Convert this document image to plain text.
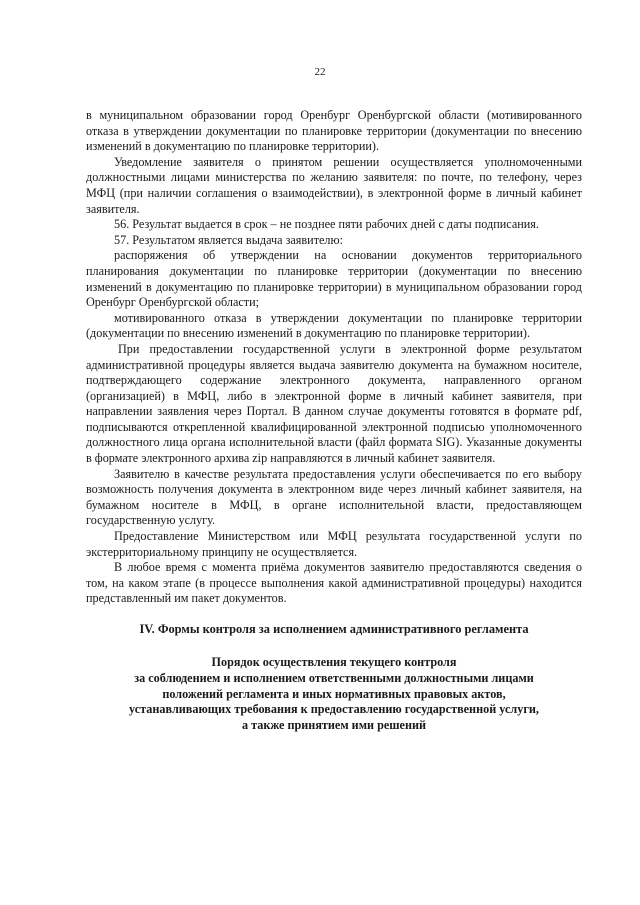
22

в муниципальном образовании город Оренбург Оренбургской области (мотивированного отказа в утверждении документации по планировке территории (документации по внесению изменений в документацию по планировке территории).

Уведомление заявителя о принятом решении осуществляется уполномоченными должностными лицами министерства по желанию заявителя: по почте, по телефону, через МФЦ (при наличии соглашения о взаимодействии), в электронной форме в личный кабинет заявителя.

56. Результат выдается в срок – не позднее пяти рабочих дней с даты подписания.

57. Результатом является выдача заявителю:

распоряжения об утверждении на основании документов территориального планирования документации по планировке территории (документации по внесению изменений в документацию по планировке территории) в муниципальном образовании город Оренбург Оренбургской области;

мотивированного отказа в утверждении документации по планировке территории (документации по внесению изменений в документацию по планировке территории).

При предоставлении государственной услуги в электронной форме результатом административной процедуры является выдача заявителю документа на бумажном носителе, подтверждающего содержание электронного документа, направленного органом (организацией) в МФЦ, либо в электронной форме в личный кабинет заявителя, при направлении заявления через Портал. В данном случае документы готовятся в формате pdf, подписываются открепленной квалифицированной электронной подписью уполномоченного должностного лица органа исполнительной власти (файл формата SIG). Указанные документы в формате электронного архива zip направляются в личный кабинет заявителя.

Заявителю в качестве результата предоставления услуги обеспечивается по его выбору возможность получения документа в электронном виде через личный кабинет заявителя, на бумажном носителе в МФЦ, в органе исполнительной власти, предоставляющем государственную услугу.

Предоставление Министерством или МФЦ результата государственной услуги по экстерриториальному принципу не осуществляется.

В любое время с момента приёма документов заявителю предоставляются сведения о том, на каком этапе (в процессе выполнения какой административной процедуры) находится представленный им пакет документов.

IV. Формы контроля за исполнением административного регламента
Порядок осуществления текущего контроля
за соблюдением и исполнением ответственными должностными лицами
положений регламента и иных нормативных правовых актов,
устанавливающих требования к предоставлению государственной услуги,
а также принятием ими решений
